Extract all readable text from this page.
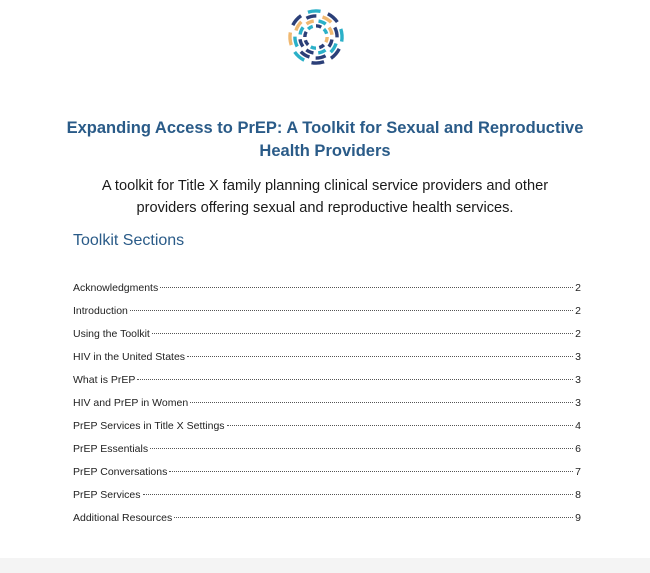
Expanding Access to PrEP: A Toolkit for Sexual and Reproductive
Health Providers

A toolkit for Title X family planning clinical service providers and other
providers offering sexual and reproductive health services.

Toolkit Sections
Acknowledgments	2
Introduction	2
Using the Toolkit	2
HIV in the United States	3
What is PrEP	3
HIV and PrEP in Women	3
PrEP Services in Title X Settings	4
PrEP Essentials	6
PrEP Conversations	7
PrEP Services	8
Additional Resources	9
